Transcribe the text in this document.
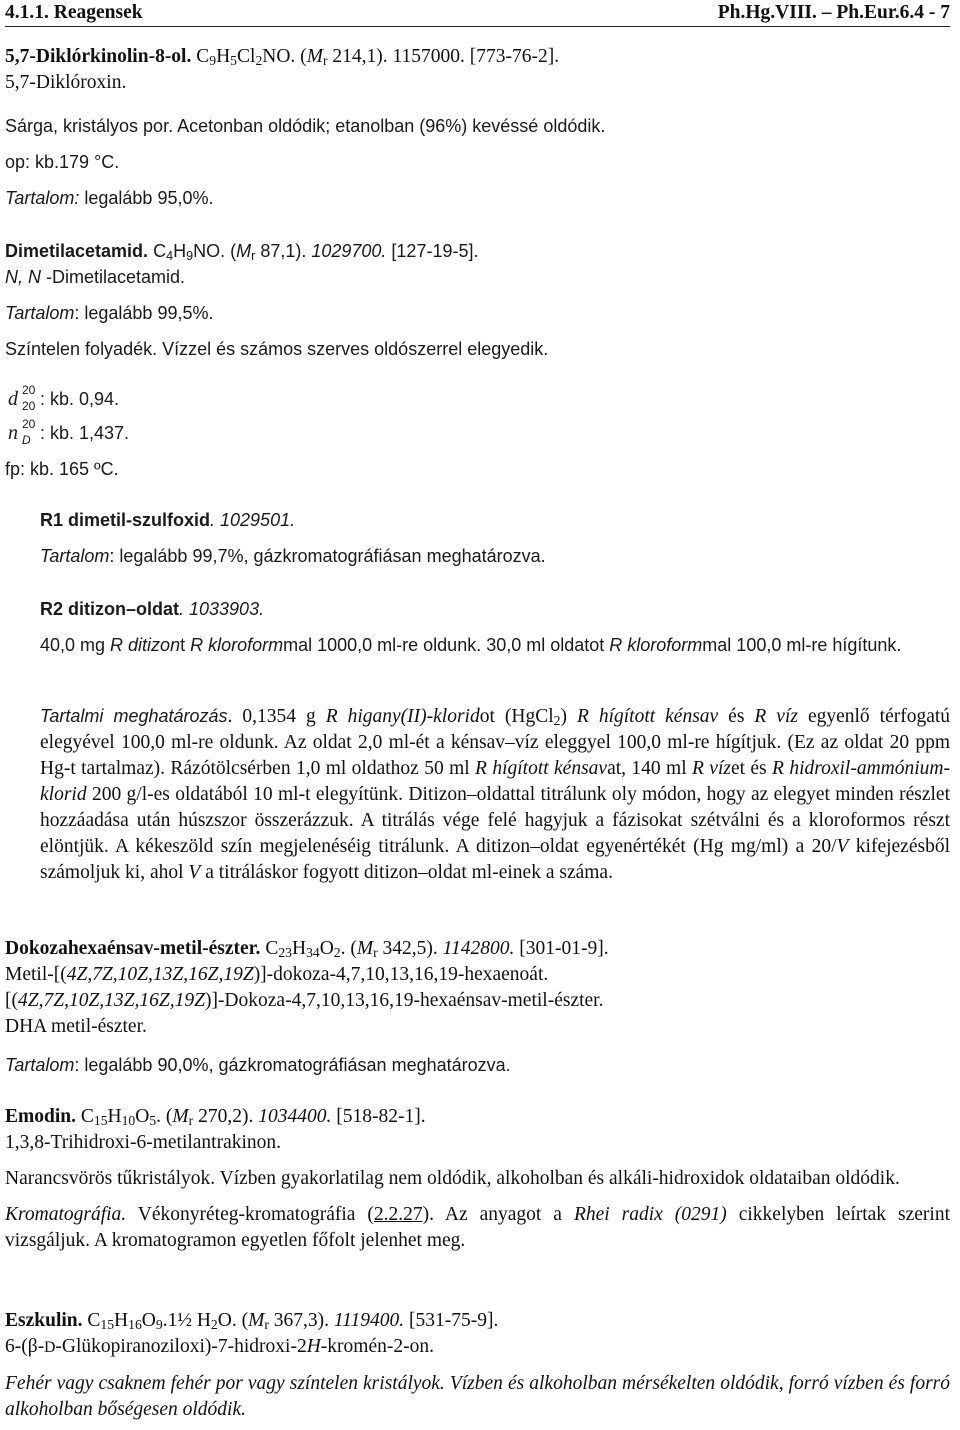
4.1.1. Reagensek	Ph.Hg.VIII. – Ph.Eur.6.4 - 7
5,7-Diklórkinolin-8-ol. $C_9H_5Cl_2NO$. ($M_r$ 214,1). 1157000. [773-76-2].
5,7-Diklóroxin.
Sárga, kristályos por. Acetonban oldódik; etanolban (96%) kevéssé oldódik.
op: kb.179 °C.
Tartalom: legalább 95,0%.
Dimetilacetamid. $C_4H_9NO$. ($M_r$ 87,1). 1029700. [127-19-5].
N, N -Dimetilacetamid.
Tartalom: legalább 99,5%.
Színtelen folyadék. Vízzel és számos szerves oldószerrel elegyedik.
d 20
20 : kb. 0,94.
n 20
D : kb. 1,437.
fp: kb. 165 ºC.
R1 dimetil-szulfoxid. 1029501.
Tartalom: legalább 99,7%, gázkromatográfiásan meghatározva.
R2 ditizon–oldat. 1033903.
40,0 mg R ditizont R kloroformmal 1000,0 ml-re oldunk. 30,0 ml oldatot R kloroformmal 100,0 ml-re hígítunk.
Tartalmi meghatározás. 0,1354 g R higany(II)-kloridot (HgCl$_2$) R hígított kénsav és R víz egyenlő térfogatú elegyével 100,0 ml-re oldunk. Az oldat 2,0 ml-ét a kénsav–víz eleggyel 100,0 ml-re hígítjuk. (Ez az oldat 20 ppm Hg-t tartalmaz). Rázótölcsérben 1,0 ml oldathoz 50 ml R hígított kénsavat, 140 ml R vízet és R hidroxil-ammónium-klorid 200 g/l-es oldatából 10 ml-t elegyítünk. Ditizon–oldattal titrálunk oly módon, hogy az elegyet minden részlet hozzáadása után húszszor összerázzuk. A titrálás vége felé hagyjuk a fázisokat szétválni és a kloroformos részt elöntjük. A kékeszöld szín megjelenéséig titrálunk. A ditizon–oldat egyenértékét (Hg mg/ml) a 20/V kifejezésből számoljuk ki, ahol V a titráláskor fogyott ditizon–oldat ml-einek a száma.
Dokozahexaénsav-metil-észter. $C_{23}H_{34}O_2$. ($M_r$ 342,5). 1142800. [301-01-9].
Metil-[(4Z,7Z,10Z,13Z,16Z,19Z)]-dokoza-4,7,10,13,16,19-hexaenoát.
[(4Z,7Z,10Z,13Z,16Z,19Z)]-Dokoza-4,7,10,13,16,19-hexaénsav-metil-észter.
DHA metil-észter.
Tartalom: legalább 90,0%, gázkromatográfiásan meghatározva.
Emodin. $C_{15}H_{10}O_5$. ($M_r$ 270,2). 1034400. [518-82-1].
1,3,8-Trihidroxi-6-metilantrakinon.
Narancsvörös tűkristályok. Vízben gyakorlatilag nem oldódik, alkoholban és alkáli-hidroxidok oldataiban oldódik.
Kromatográfia. Vékonyréteg-kromatográfia (2.2.27). Az anyagot a Rhei radix (0291) cikkelyben leírtak szerint vizsgáljuk. A kromatogramon egyetlen főfolt jelenhet meg.
Eszkulin. $C_{15}H_{16}O_9.1\frac{1}{2}$ $H_2O$. ($M_r$ 367,3). 1119400. [531-75-9].
6-(β-D-Glükopiranoziloxi)-7-hidroxi-2H-kromén-2-on.
Fehér vagy csaknem fehér por vagy színtelen kristályok. Vízben és alkoholban mérsékelten oldódik, forró vízben és forró alkoholban bőségesen oldódik.
